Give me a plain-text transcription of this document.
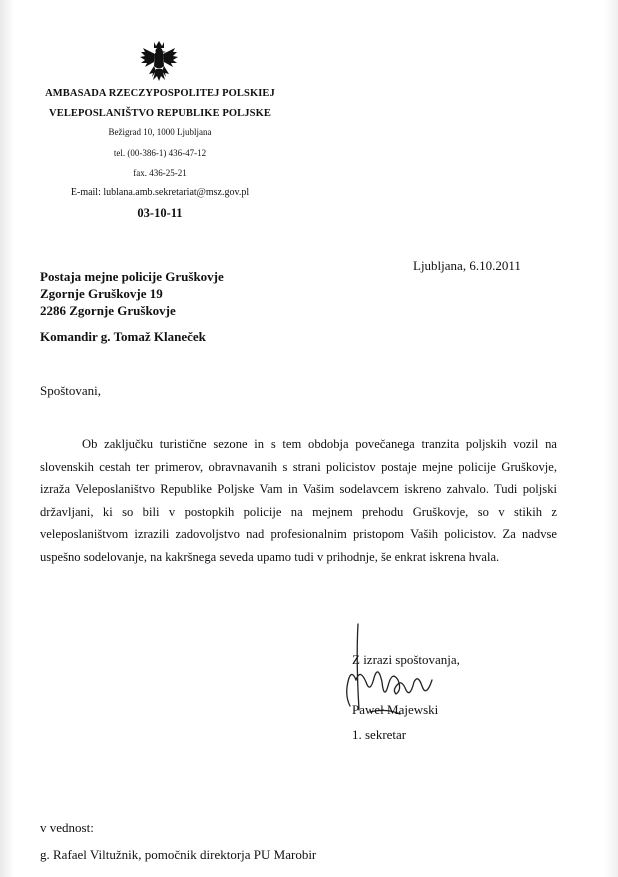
AMBASADA RZECZYPOSPOLITEJ POLSKIEJ
VELEPOSLANIŠTVO REPUBLIKE POLJSKE
Bežigrad 10, 1000 Ljubljana
tel. (00-386-1) 436-47-12
fax. 436-25-21
E-mail: lublana.amb.sekretariat@msz.gov.pl
03-10-11
Ljubljana, 6.10.2011
Postaja mejne policije Gruškovje
Zgornje Gruškovje 19
2286 Zgornje Gruškovje
Komandir g. Tomaž Klaneček
Spoštovani,

Ob zaključku turistične sezone in s tem obdobja povečanega tranzita poljskih vozil na slovenskih cestah ter primerov, obravnavanih s strani policistov postaje mejne policije Gruškovje, izraža Veleposlaništvo Republike Poljske Vam in Vašim sodelavcem iskreno zahvalo. Tudi poljski državljani, ki so bili v postopkih policije na mejnem prehodu Gruškovje, so v stikih z veleposlaništvom izrazili zadovoljstvo nad profesionalnim pristopom Vaših policistov. Za nadvse uspešno sodelovanje, na kakršnega seveda upamo tudi v prihodnje, še enkrat iskrena hvala.

Z izrazi spoštovanja,
Paweł Majewski
1. sekretar
v vednost:
g. Rafael Viltužnik, pomočnik direktorja PU Marobir
